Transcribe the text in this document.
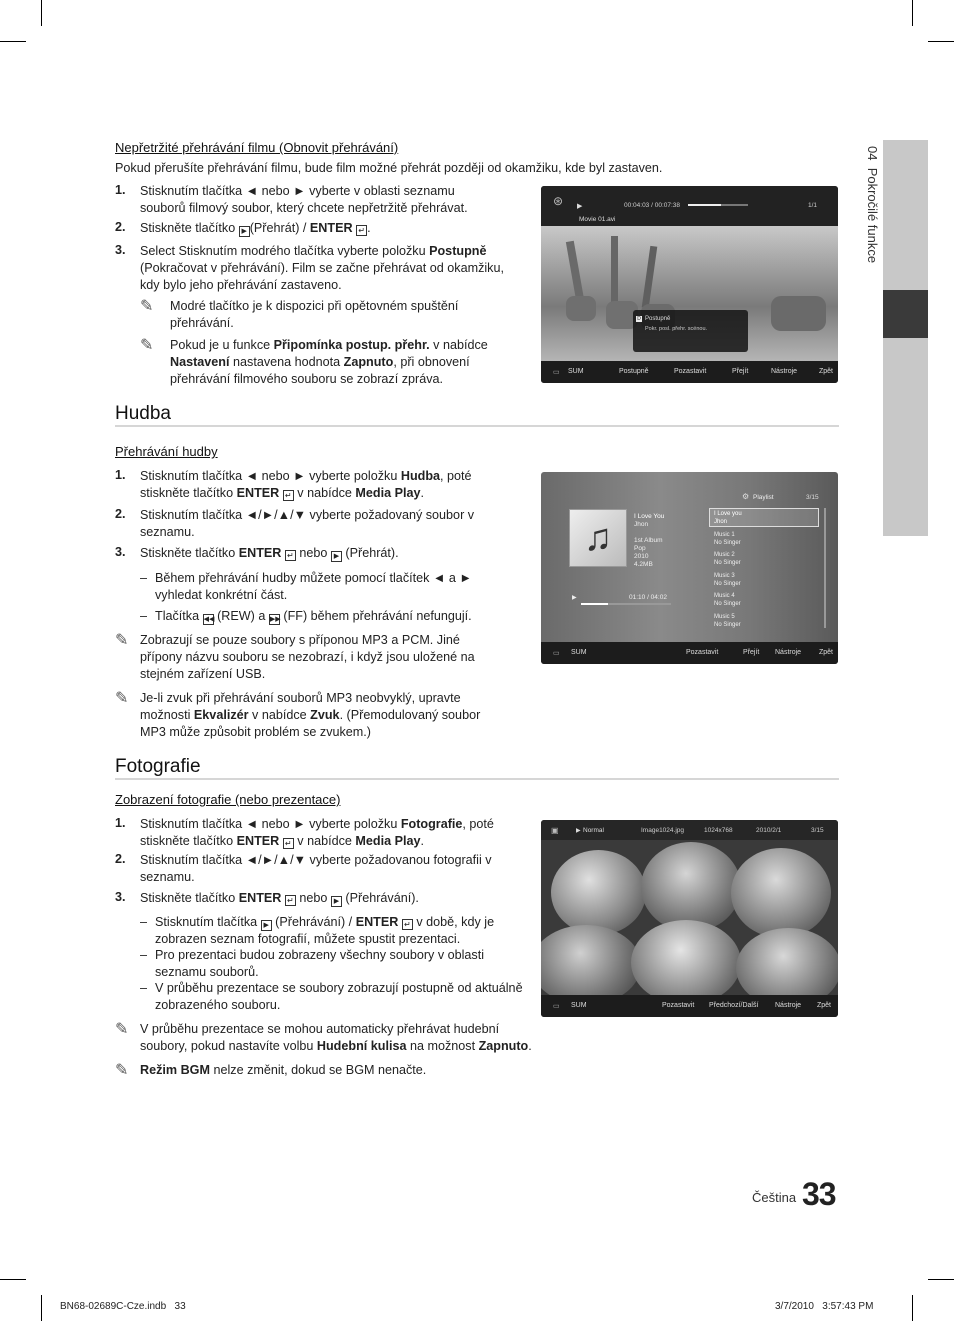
04  Pokročilé funkce
Nepřetržité přehrávání filmu (Obnovit přehrávání)
Pokud přerušíte přehrávání filmu, bude film možné přehrát později od okamžiku, kde byl zastaven.
1. Stisknutím tlačítka ◄ nebo ► vyberte v oblasti seznamu souborů filmový soubor, který chcete nepřetržitě přehrávat.
2. Stiskněte tlačítko ▶ (Přehrát) / ENTER ↵ .
3. Select Stisknutím modrého tlačítka vyberte položku Postupně (Pokračovat v přehrávání). Film se začne přehrávat od okamžiku, kdy bylo jeho přehrávání zastaveno.
✎ Modré tlačítko je k dispozici při opětovném spuštění přehrávání.
✎ Pokud je u funkce Připomínka postup. přehr. v nabídce Nastavení nastavena hodnota Zapnuto, při obnovení přehrávání filmového souboru se zobrazí zpráva.
▶
⊛	00:04:03 / 00:07:38	1/1
Movie 01.avi
D Postupně
Pokr. posl. přehr. scénou.
▭ SUM	Postupně	Pozastavit	Přejít	Nástroje	Zpět
Hudba
Přehrávání hudby
1. Stisknutím tlačítka ◄ nebo ► vyberte položku Hudba, poté stiskněte tlačítko ENTER ↵ v nabídce Media Play.
2. Stisknutím tlačítka ◄/►/▲/▼ vyberte požadovaný soubor v seznamu.
3. Stiskněte tlačítko ENTER ↵ nebo ▶ (Přehrát).
– Během přehrávání hudby můžete pomocí tlačítek ◄ a ► vyhledat konkrétní část.
– Tlačítka ◀◀ (REW) a ▶▶ (FF) během přehrávání nefungují.
✎ Zobrazují se pouze soubory s příponou MP3 a PCM. Jiné přípony názvu souboru se nezobrazí, i když jsou uložené na stejném zařízení USB.
✎ Je-li zvuk při přehrávání souborů MP3 neobvyklý, upravte možnosti Ekvalizér v nabídce Zvuk. (Přemodulovaný soubor MP3 může způsobit problém se zvukem.)
♫
I Love You
Jhon
1st Album
Pop
2010
4.2MB
▶	01:10 / 04:02
⚙ Playlist	3/15
I Love you
Jhon
Music 1
No Singer
Music 2
No Singer
Music 3
No Singer
Music 4
No Singer
Music 5
No Singer
▭ SUM	Pozastavit	Přejít Nástroje	Zpět
Fotografie
Zobrazení fotografie (nebo prezentace)
1. Stisknutím tlačítka ◄ nebo ► vyberte položku Fotografie, poté stiskněte tlačítko ENTER ↵ v nabídce Media Play.
2. Stisknutím tlačítka ◄/►/▲/▼ vyberte požadovanou fotografii v seznamu.
3. Stiskněte tlačítko ENTER ↵ nebo ▶ (Přehrávání).
– Stisknutím tlačítka ▶ (Přehrávání) / ENTER ↵ v době, kdy je zobrazen seznam fotografií, můžete spustit prezentaci.
– Pro prezentaci budou zobrazeny všechny soubory v oblasti seznamu souborů.
– V průběhu prezentace se soubory zobrazují postupně od aktuálně zobrazeného souboru.
✎ V průběhu prezentace se mohou automaticky přehrávat hudební soubory, pokud nastavíte volbu Hudební kulisa na možnost Zapnuto.
✎ Režim BGM nelze změnit, dokud se BGM nenačte.
▣	▶ Normal	Image1024.jpg	1024x768	2010/2/1	3/15
▭ SUM	Pozastavit Předchozí/Další Nástroje Zpět
Čeština 33
BN68-02689C-Cze.indb   33	3/7/2010   3:57:43 PM
